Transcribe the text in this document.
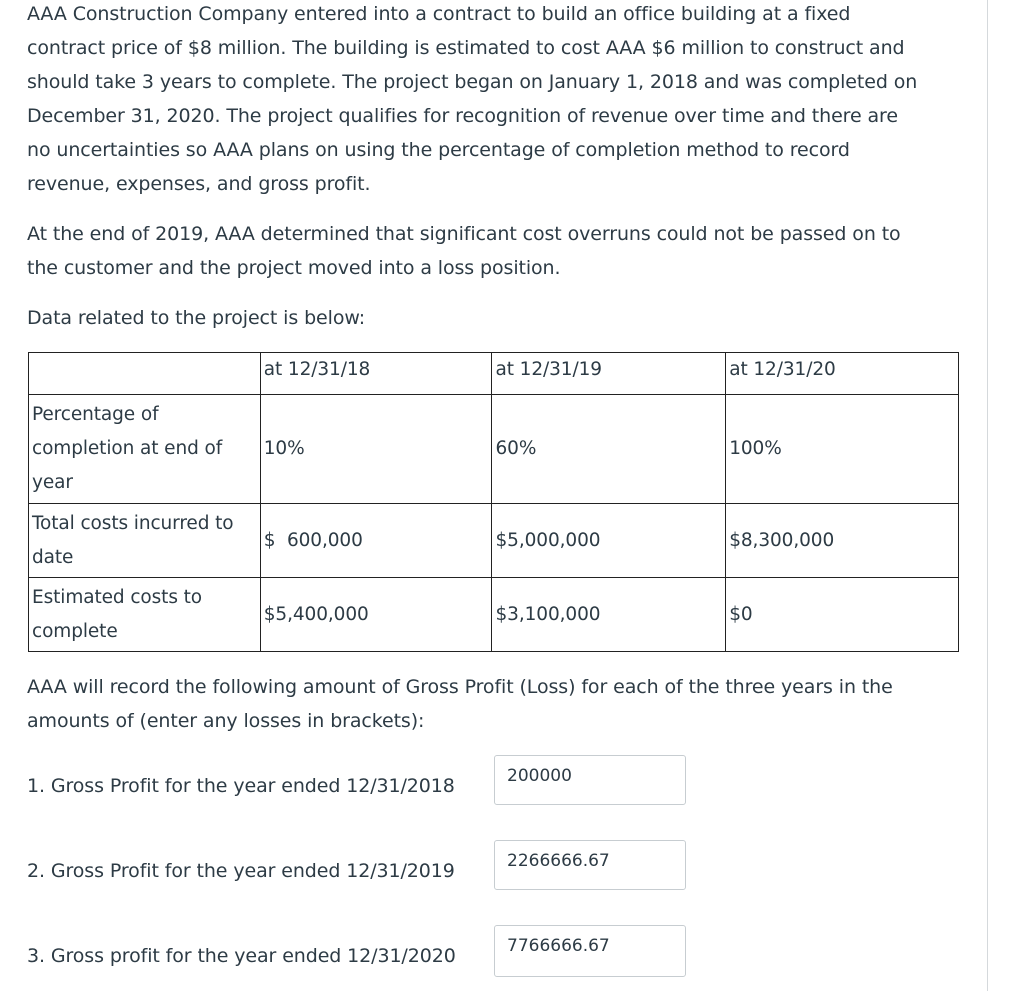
AAA Construction Company entered into a contract to build an office building at a fixed
contract price of $8 million. The building is estimated to cost AAA $6 million to construct and
should take 3 years to complete. The project began on January 1, 2018 and was completed on
December 31, 2020. The project qualifies for recognition of revenue over time and there are
no uncertainties so AAA plans on using the percentage of completion method to record
revenue, expenses, and gross profit.

At the end of 2019, AAA determined that significant cost overruns could not be passed on to
the customer and the project moved into a loss position.

Data related to the project is below:

	at 12/31/18	at 12/31/19	at 12/31/20

Percentage of
completion at end of
year	10%	60%	100%

Total costs incurred to
date	$  600,000	$5,000,000	$8,300,000

Estimated costs to
complete	$5,400,000	$3,100,000	$0

AAA will record the following amount of Gross Profit (Loss) for each of the three years in the
amounts of (enter any losses in brackets):

1. Gross Profit for the year ended 12/31/2018	200000
2. Gross Profit for the year ended 12/31/2019	2266666.67
3. Gross profit for the year ended 12/31/2020	7766666.67
